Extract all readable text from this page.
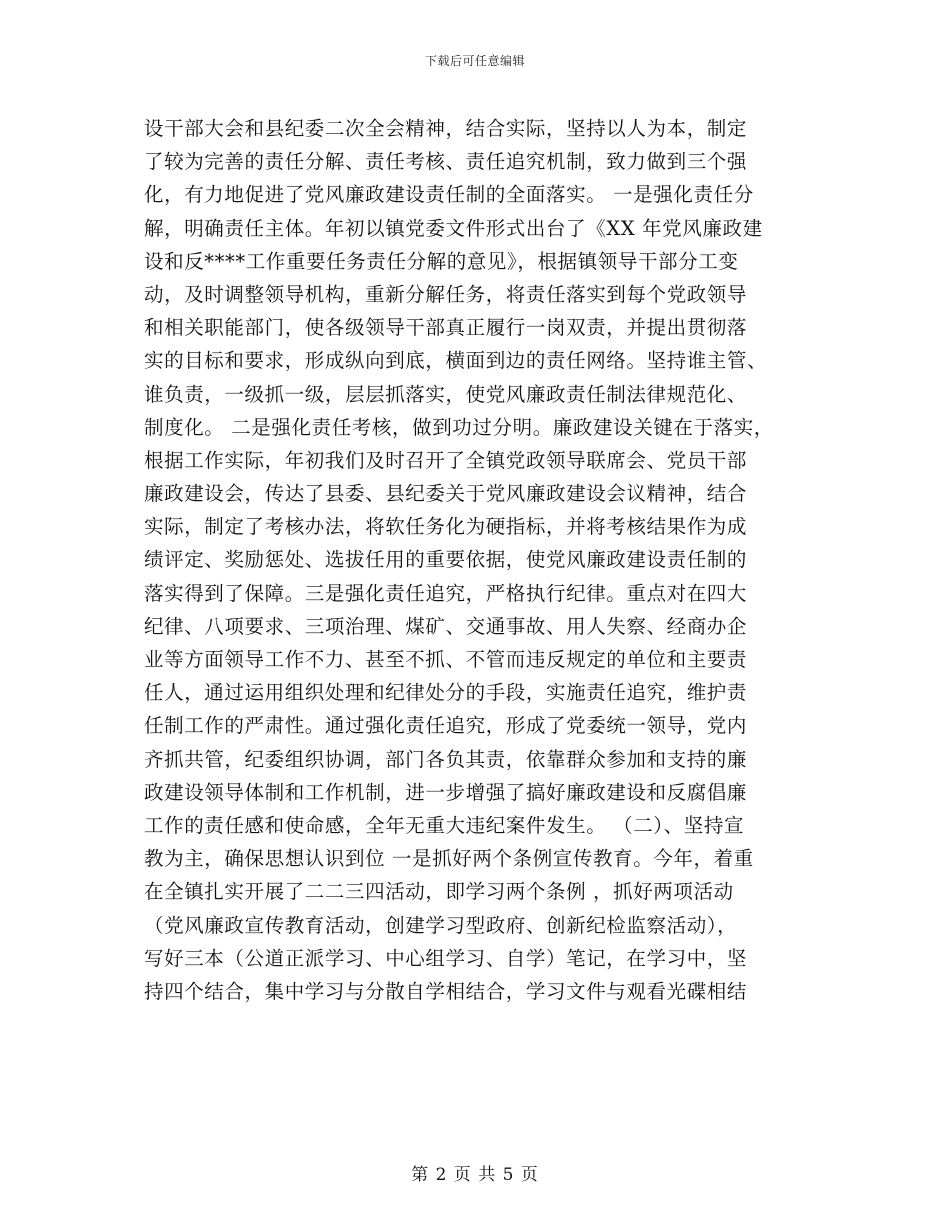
下载后可任意编辑
设干部大会和县纪委二次全会精神，结合实际，坚持以人为本，制定
了较为完善的责任分解、责任考核、责任追究机制，致力做到三个强
化，有力地促进了党风廉政建设责任制的全面落实。 一是强化责任分
解，明确责任主体。年初以镇党委文件形式出台了《XX 年党风廉政建
设和反****工作重要任务责任分解的意见》，根据镇领导干部分工变
动，及时调整领导机构，重新分解任务，将责任落实到每个党政领导
和相关职能部门，使各级领导干部真正履行一岗双责，并提出贯彻落
实的目标和要求，形成纵向到底，横面到边的责任网络。坚持谁主管、
谁负责，一级抓一级，层层抓落实，使党风廉政责任制法律规范化、
制度化。 二是强化责任考核，做到功过分明。廉政建设关键在于落实，
根据工作实际，年初我们及时召开了全镇党政领导联席会、党员干部
廉政建设会，传达了县委、县纪委关于党风廉政建设会议精神，结合
实际，制定了考核办法，将软任务化为硬指标，并将考核结果作为成
绩评定、奖励惩处、选拔任用的重要依据，使党风廉政建设责任制的
落实得到了保障。三是强化责任追究，严格执行纪律。重点对在四大
纪律、八项要求、三项治理、煤矿、交通事故、用人失察、经商办企
业等方面领导工作不力、甚至不抓、不管而违反规定的单位和主要责
任人，通过运用组织处理和纪律处分的手段，实施责任追究，维护责
任制工作的严肃性。通过强化责任追究，形成了党委统一领导，党内
齐抓共管，纪委组织协调，部门各负其责，依靠群众参加和支持的廉
政建设领导体制和工作机制，进一步增强了搞好廉政建设和反腐倡廉
工作的责任感和使命感，全年无重大违纪案件发生。 （二）、坚持宣
教为主，确保思想认识到位 一是抓好两个条例宣传教育。今年，着重
在全镇扎实开展了二二三四活动，即学习两个条例 ，抓好两项活动
（党风廉政宣传教育活动，创建学习型政府、创新纪检监察活动），
写好三本（公道正派学习、中心组学习、自学）笔记，在学习中，坚
持四个结合，集中学习与分散自学相结合，学习文件与观看光碟相结
第 2 页 共 5 页
